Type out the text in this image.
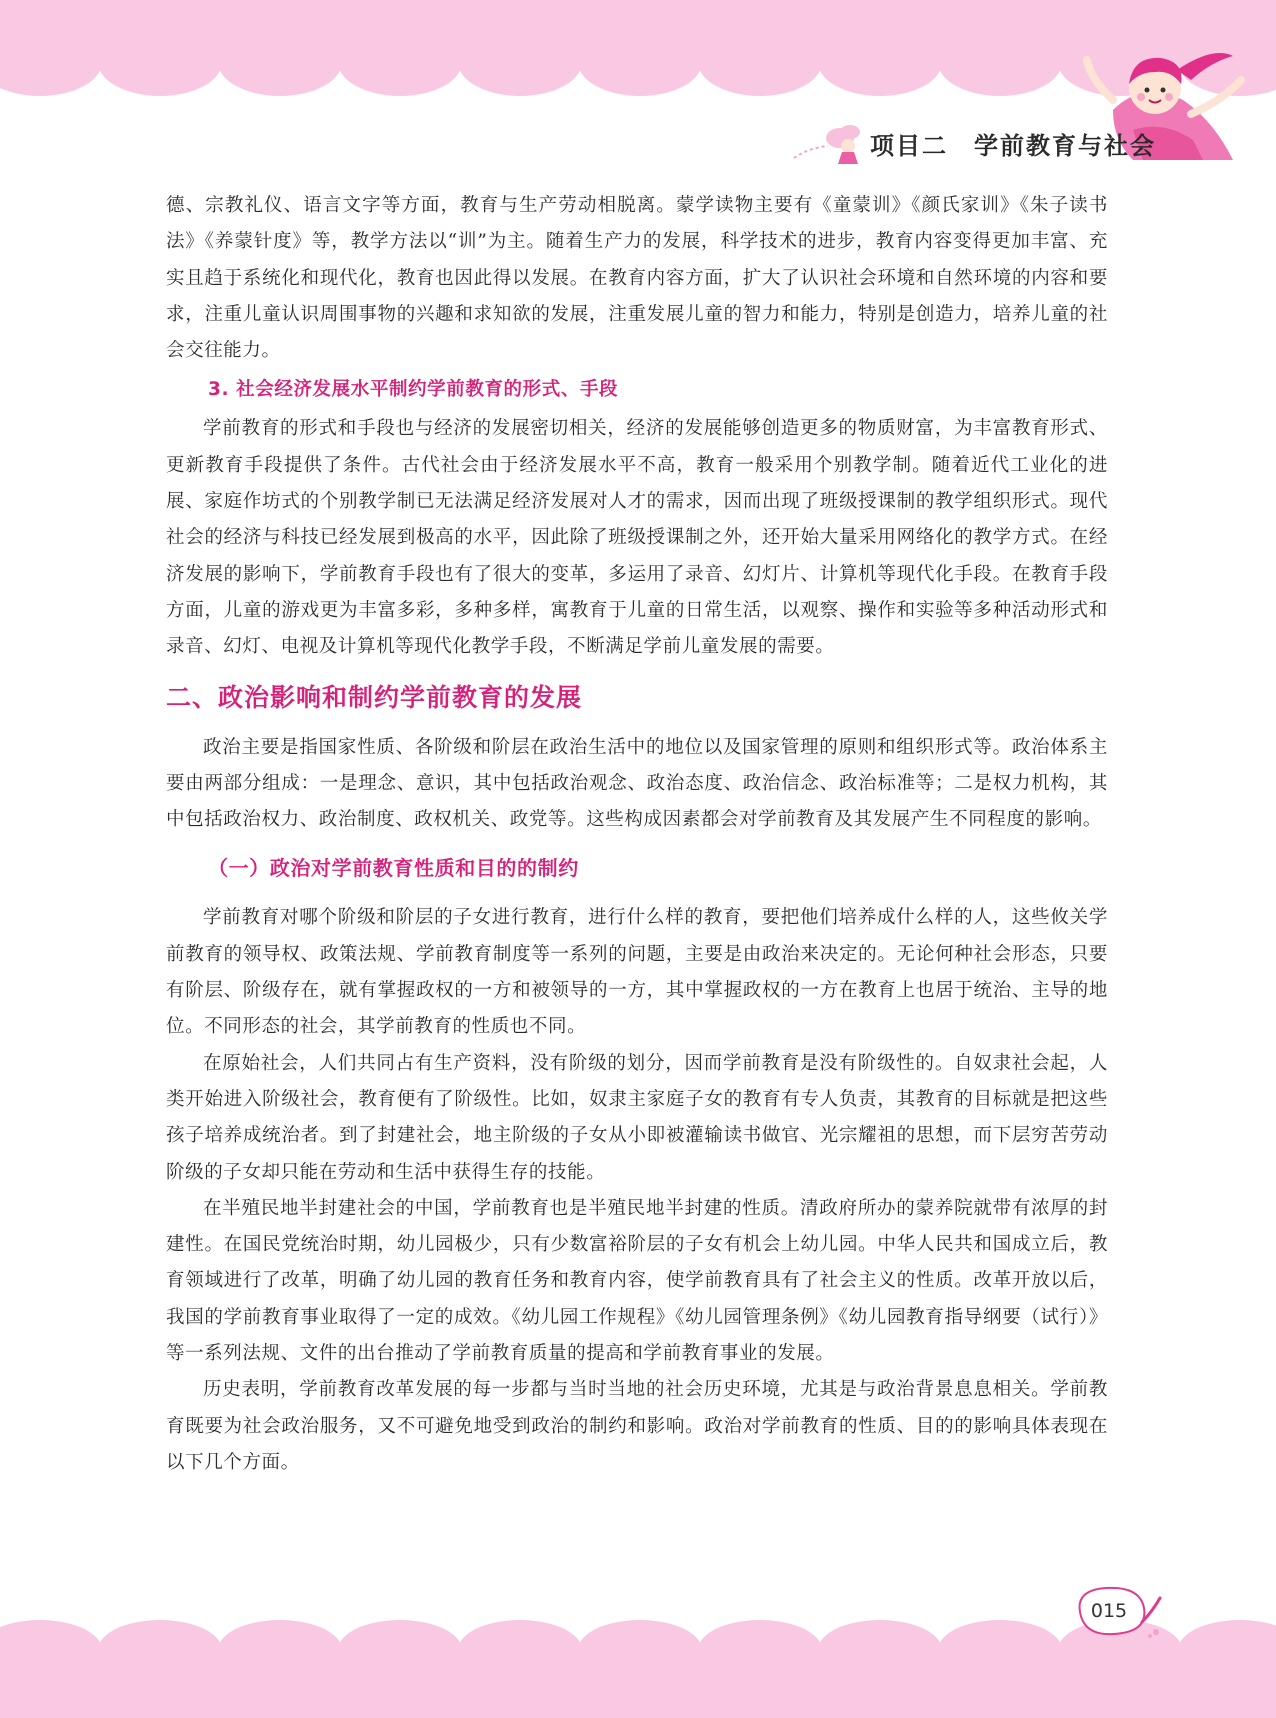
项目二　学前教育与社会

德、宗教礼仪、语言文字等方面，教育与生产劳动相脱离。蒙学读物主要有《童蒙训》《颜氏家训》《朱子读书法》《养蒙针度》等，教学方法以“训”为主。随着生产力的发展，科学技术的进步，教育内容变得更加丰富、充实且趋于系统化和现代化，教育也因此得以发展。在教育内容方面，扩大了认识社会环境和自然环境的内容和要求，注重儿童认识周围事物的兴趣和求知欲的发展，注重发展儿童的智力和能力，特别是创造力，培养儿童的社会交往能力。

3. 社会经济发展水平制约学前教育的形式、手段

学前教育的形式和手段也与经济的发展密切相关，经济的发展能够创造更多的物质财富，为丰富教育形式、更新教育手段提供了条件。古代社会由于经济发展水平不高，教育一般采用个别教学制。随着近代工业化的进展、家庭作坊式的个别教学制已无法满足经济发展对人才的需求，因而出现了班级授课制的教学组织形式。现代社会的经济与科技已经发展到极高的水平，因此除了班级授课制之外，还开始大量采用网络化的教学方式。在经济发展的影响下，学前教育手段也有了很大的变革，多运用了录音、幻灯片、计算机等现代化手段。在教育手段方面，儿童的游戏更为丰富多彩，多种多样，寓教育于儿童的日常生活，以观察、操作和实验等多种活动形式和录音、幻灯、电视及计算机等现代化教学手段，不断满足学前儿童发展的需要。

二、政治影响和制约学前教育的发展

政治主要是指国家性质、各阶级和阶层在政治生活中的地位以及国家管理的原则和组织形式等。政治体系主要由两部分组成：一是理念、意识，其中包括政治观念、政治态度、政治信念、政治标准等；二是权力机构，其中包括政治权力、政治制度、政权机关、政党等。这些构成因素都会对学前教育及其发展产生不同程度的影响。

（一）政治对学前教育性质和目的的制约

学前教育对哪个阶级和阶层的子女进行教育，进行什么样的教育，要把他们培养成什么样的人，这些攸关学前教育的领导权、政策法规、学前教育制度等一系列的问题，主要是由政治来决定的。无论何种社会形态，只要有阶层、阶级存在，就有掌握政权的一方和被领导的一方，其中掌握政权的一方在教育上也居于统治、主导的地位。不同形态的社会，其学前教育的性质也不同。

在原始社会，人们共同占有生产资料，没有阶级的划分，因而学前教育是没有阶级性的。自奴隶社会起，人类开始进入阶级社会，教育便有了阶级性。比如，奴隶主家庭子女的教育有专人负责，其教育的目标就是把这些孩子培养成统治者。到了封建社会，地主阶级的子女从小即被灌输读书做官、光宗耀祖的思想，而下层穷苦劳动阶级的子女却只能在劳动和生活中获得生存的技能。

在半殖民地半封建社会的中国，学前教育也是半殖民地半封建的性质。清政府所办的蒙养院就带有浓厚的封建性。在国民党统治时期，幼儿园极少，只有少数富裕阶层的子女有机会上幼儿园。中华人民共和国成立后，教育领域进行了改革，明确了幼儿园的教育任务和教育内容，使学前教育具有了社会主义的性质。改革开放以后，我国的学前教育事业取得了一定的成效。《幼儿园工作规程》《幼儿园管理条例》《幼儿园教育指导纲要（试行）》等一系列法规、文件的出台推动了学前教育质量的提高和学前教育事业的发展。

历史表明，学前教育改革发展的每一步都与当时当地的社会历史环境，尤其是与政治背景息息相关。学前教育既要为社会政治服务，又不可避免地受到政治的制约和影响。政治对学前教育的性质、目的的影响具体表现在以下几个方面。

015
